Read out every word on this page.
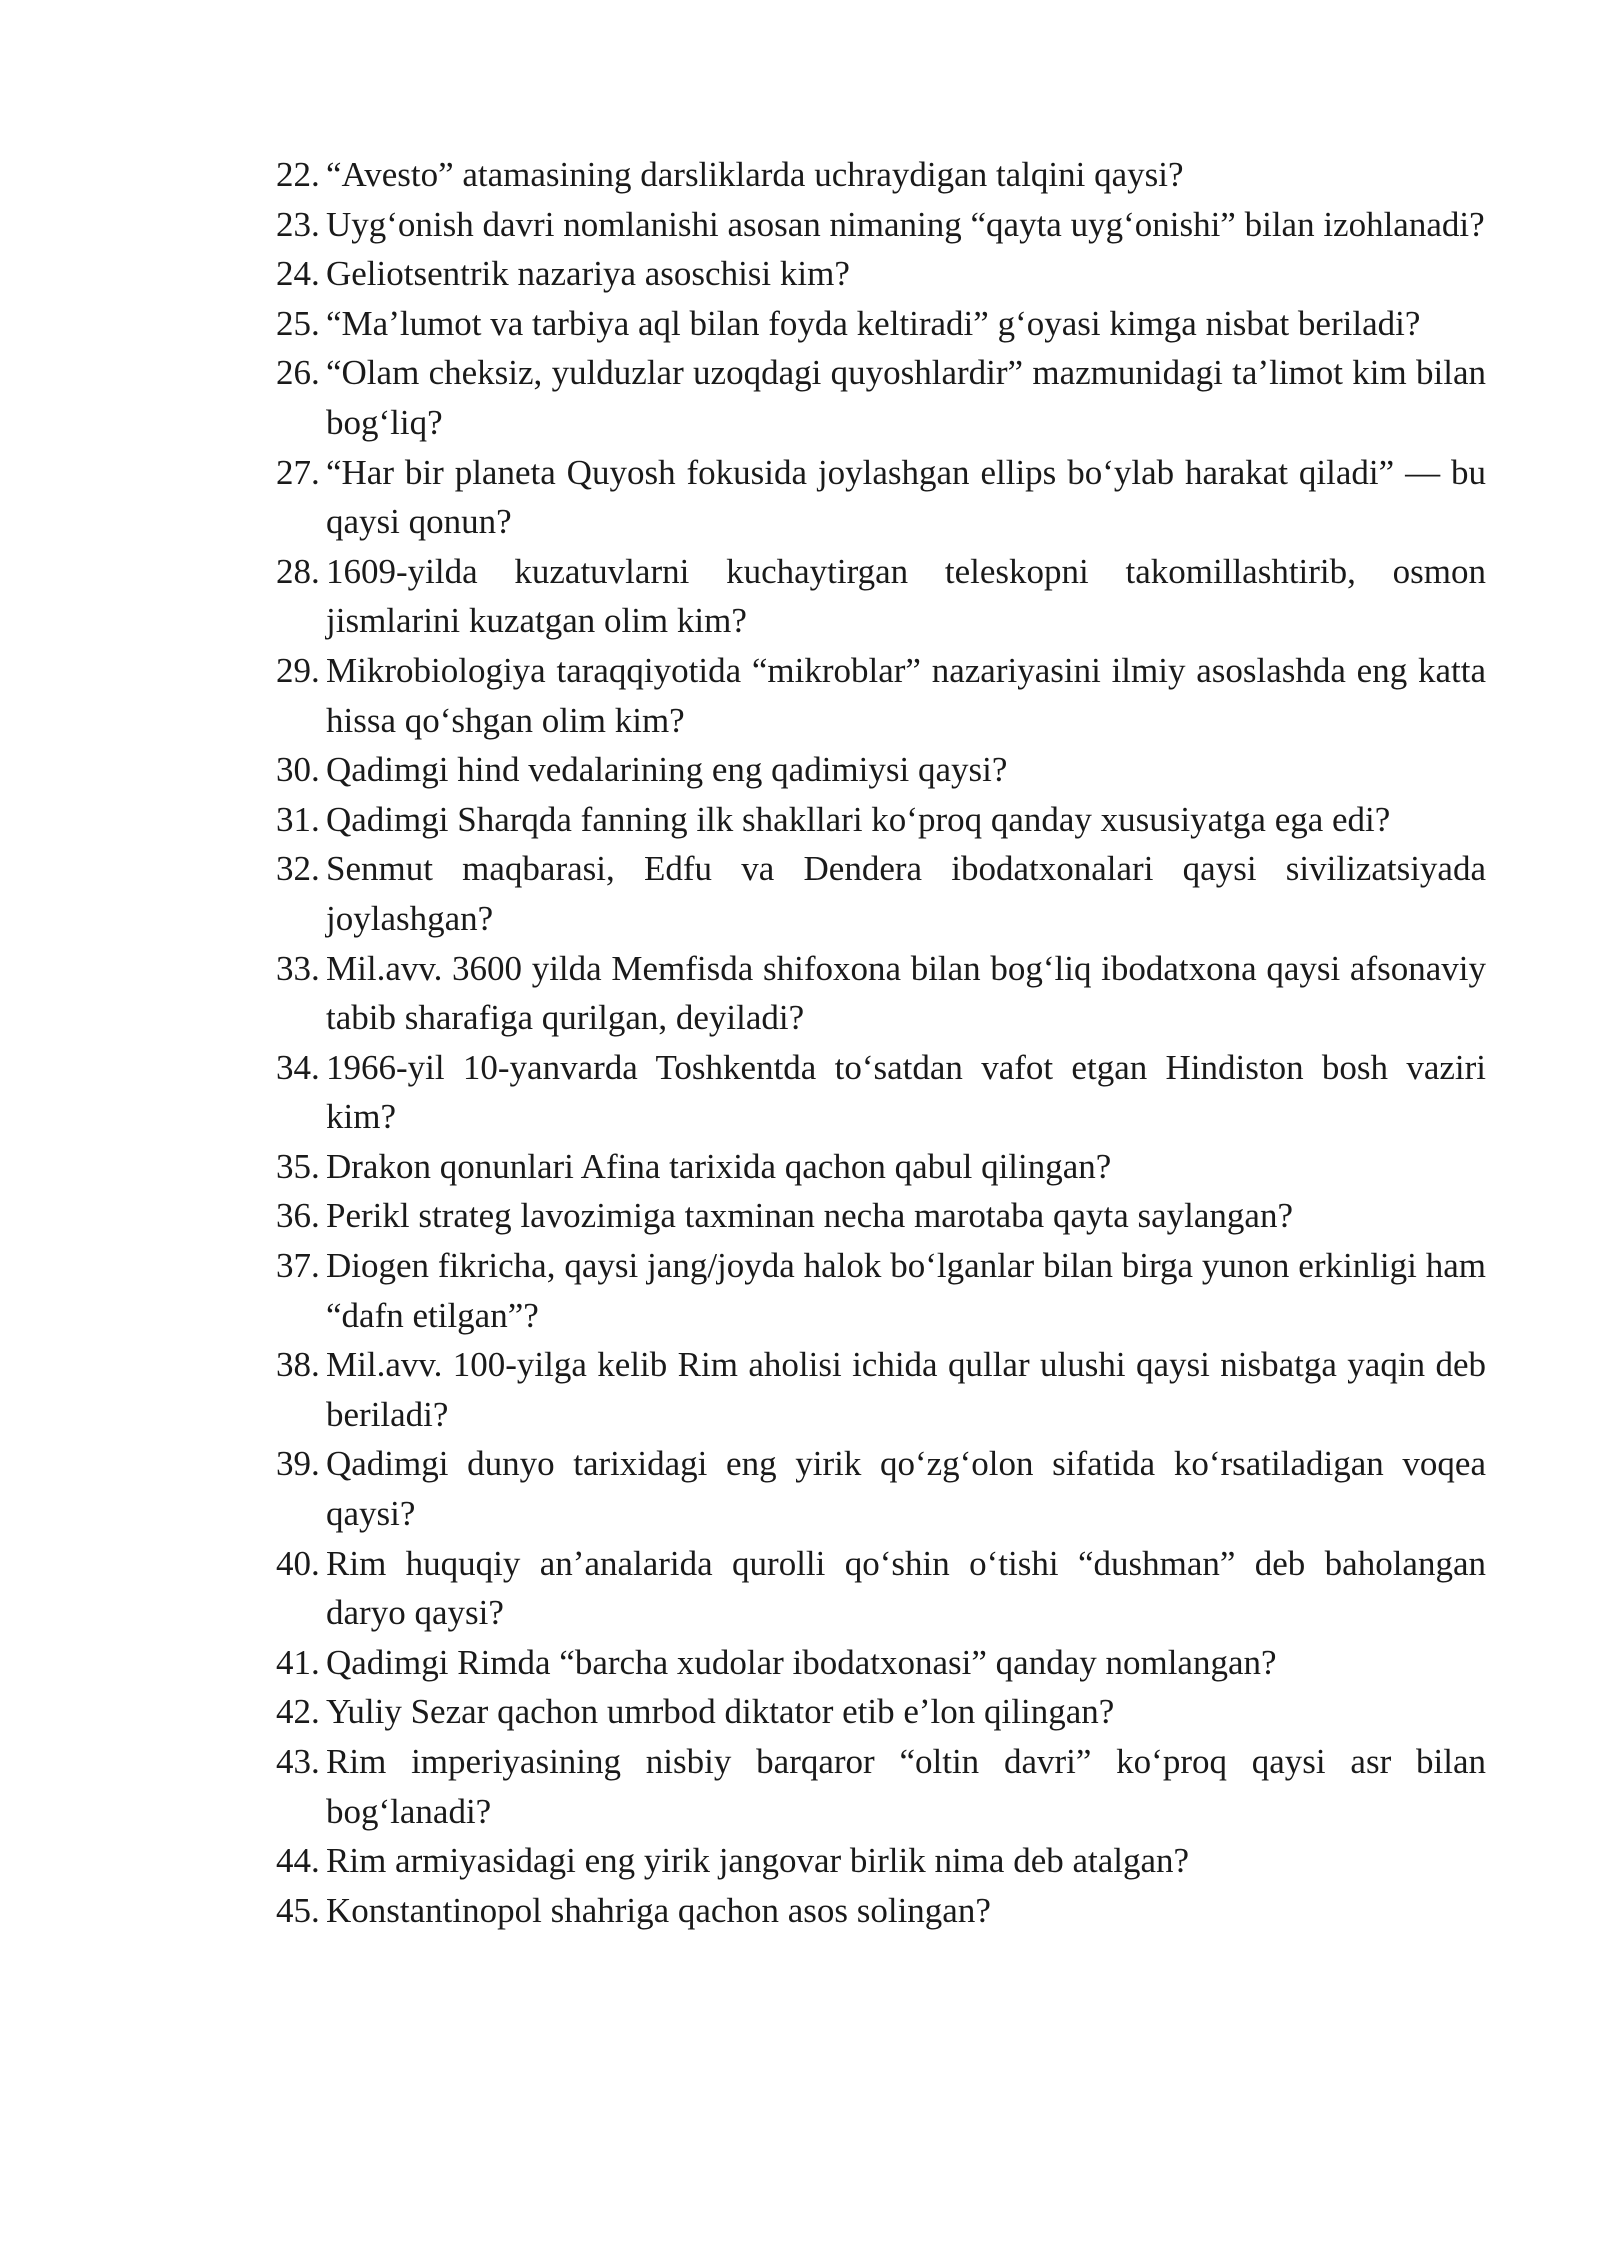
22. “Avesto” atamasining darsliklarda uchraydigan talqini qaysi?
23. Uygʻonish davri nomlanishi asosan nimaning “qayta uygʻonishi” bilan izohlanadi?
24. Geliotsentrik nazariya asoschisi kim?
25. “Maʼlumot va tarbiya aql bilan foyda keltiradi” gʻoyasi kimga nisbat beriladi?
26. “Olam cheksiz, yulduzlar uzoqdagi quyoshlardir” mazmunidagi taʼlimot kim bilan bogʻliq?
27. “Har bir planeta Quyosh fokusida joylashgan ellips boʻylab harakat qiladi” — bu qaysi qonun?
28. 1609-yilda kuzatuvlarni kuchaytirgan teleskopni takomillashtirib, osmon jismlarini kuzatgan olim kim?
29. Mikrobiologiya taraqqiyotida “mikroblar” nazariyasini ilmiy asoslashda eng katta hissa qoʻshgan olim kim?
30. Qadimgi hind vedalarining eng qadimiysi qaysi?
31. Qadimgi Sharqda fanning ilk shakllari koʻproq qanday xususiyatga ega edi?
32. Senmut maqbarasi, Edfu va Dendera ibodatxonalari qaysi sivilizatsiyada joylashgan?
33. Mil.avv. 3600 yilda Memfisda shifoxona bilan bogʻliq ibodatxona qaysi afsonaviy tabib sharafiga qurilgan, deyiladi?
34. 1966-yil 10-yanvarda Toshkentda toʻsatdan vafot etgan Hindiston bosh vaziri kim?
35. Drakon qonunlari Afina tarixida qachon qabul qilingan?
36. Perikl strateg lavozimiga taxminan necha marotaba qayta saylangan?
37. Diogen fikricha, qaysi jang/joyda halok boʻlganlar bilan birga yunon erkinligi ham “dafn etilgan”?
38. Mil.avv. 100-yilga kelib Rim aholisi ichida qullar ulushi qaysi nisbatga yaqin deb beriladi?
39. Qadimgi dunyo tarixidagi eng yirik qoʻzgʻolon sifatida koʻrsatiladigan voqea qaysi?
40. Rim huquqiy anʼanalarida qurolli qoʻshin oʻtishi “dushman” deb baholangan daryo qaysi?
41. Qadimgi Rimda “barcha xudolar ibodatxonasi” qanday nomlangan?
42. Yuliy Sezar qachon umrbod diktator etib eʼlon qilingan?
43. Rim imperiyasining nisbiy barqaror “oltin davri” koʻproq qaysi asr bilan bogʻlanadi?
44. Rim armiyasidagi eng yirik jangovar birlik nima deb atalgan?
45. Konstantinopol shahriga qachon asos solingan?
